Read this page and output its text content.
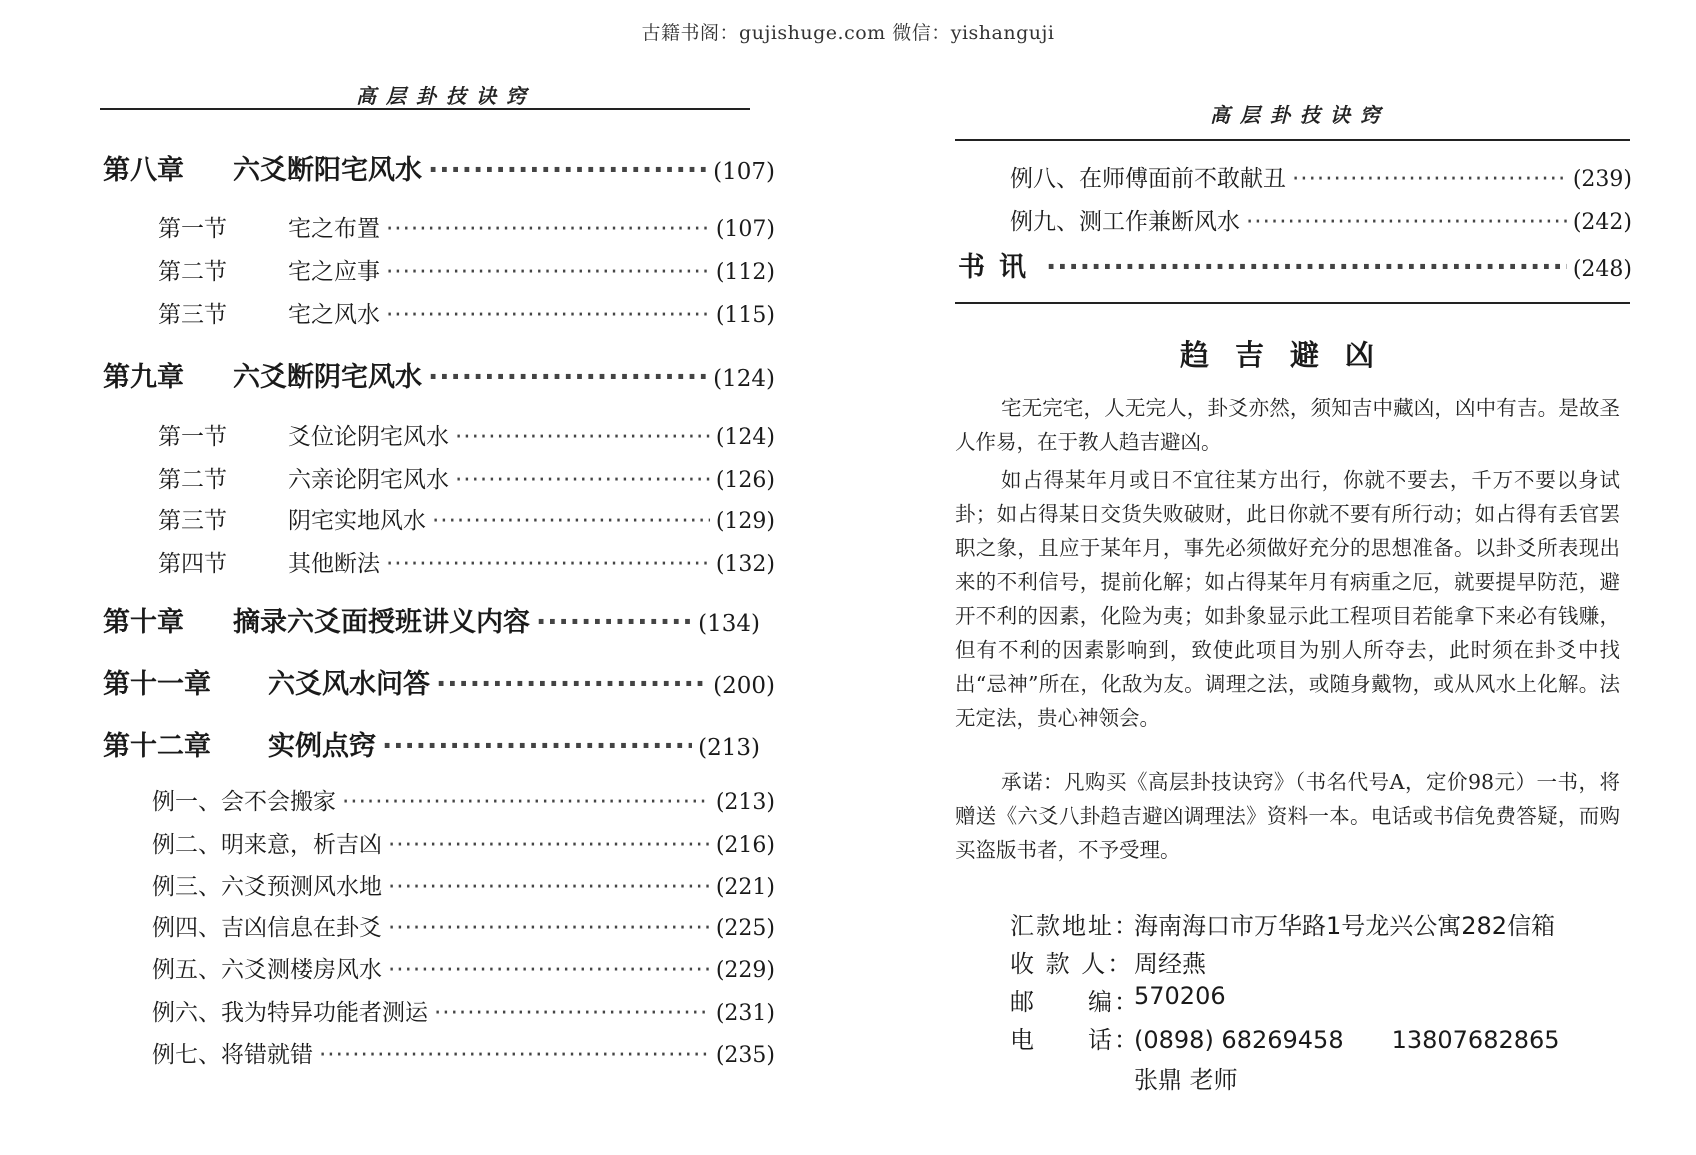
古籍书阁：gujishuge.com 微信：yishanguji
高层卦技诀窍
第八章	六爻断阳宅风水 ·····	(107)
第一节	宅之布置 ·····	(107)
第二节	宅之应事 ·····	(112)
第三节	宅之风水 ·····	(115)
第九章	六爻断阴宅风水 ·····	(124)
第一节	爻位论阴宅风水 ·····	(124)
第二节	六亲论阴宅风水 ·····	(126)
第三节	阴宅实地风水 ·····	(129)
第四节	其他断法 ·····	(132)
第十章	摘录六爻面授班讲义内容 ·····	(134)
第十一章	六爻风水问答 ·····	(200)
第十二章	实例点窍 ·····	(213)
例一、会不会搬家 ·····	(213)
例二、明来意，析吉凶 ·····	(216)
例三、六爻预测风水地 ·····	(221)
例四、吉凶信息在卦爻 ·····	(225)
例五、六爻测楼房风水 ·····	(229)
例六、我为特异功能者测运 ·····	(231)
例七、将错就错 ·····	(235)
高层卦技诀窍
例八、在师傅面前不敢献丑 ·····	(239)
例九、测工作兼断风水 ·····	(242)
书讯 ·····	(248)
趋吉避凶
宅无完宅，人无完人，卦爻亦然，须知吉中藏凶，凶中有吉。是故圣人作易，在于教人趋吉避凶。
如占得某年月或日不宜往某方出行，你就不要去，千万不要以身试卦；如占得某日交货失败破财，此日你就不要有所行动；如占得有丢官罢职之象，且应于某年月，事先必须做好充分的思想准备。以卦爻所表现出来的不利信号，提前化解；如占得某年月有病重之厄，就要提早防范，避开不利的因素，化险为夷；如卦象显示此工程项目若能拿下来必有钱赚，但有不利的因素影响到，致使此项目为别人所夺去，此时须在卦爻中找出“忌神”所在，化敌为友。调理之法，或随身戴物，或从风水上化解。法无定法，贵心神领会。
承诺：凡购买《高层卦技诀窍》（书名代号A，定价98元）一书，将赠送《六爻八卦趋吉避凶调理法》资料一本。电话或书信免费答疑，而购买盗版书者，不予受理。
汇款地址：
海南海口市万华路1号龙兴公寓282信箱
收 款 人： 周经燕
邮　　编：
570206
电　　话：
(0898) 68269458　　13807682865
张鼎 老师
